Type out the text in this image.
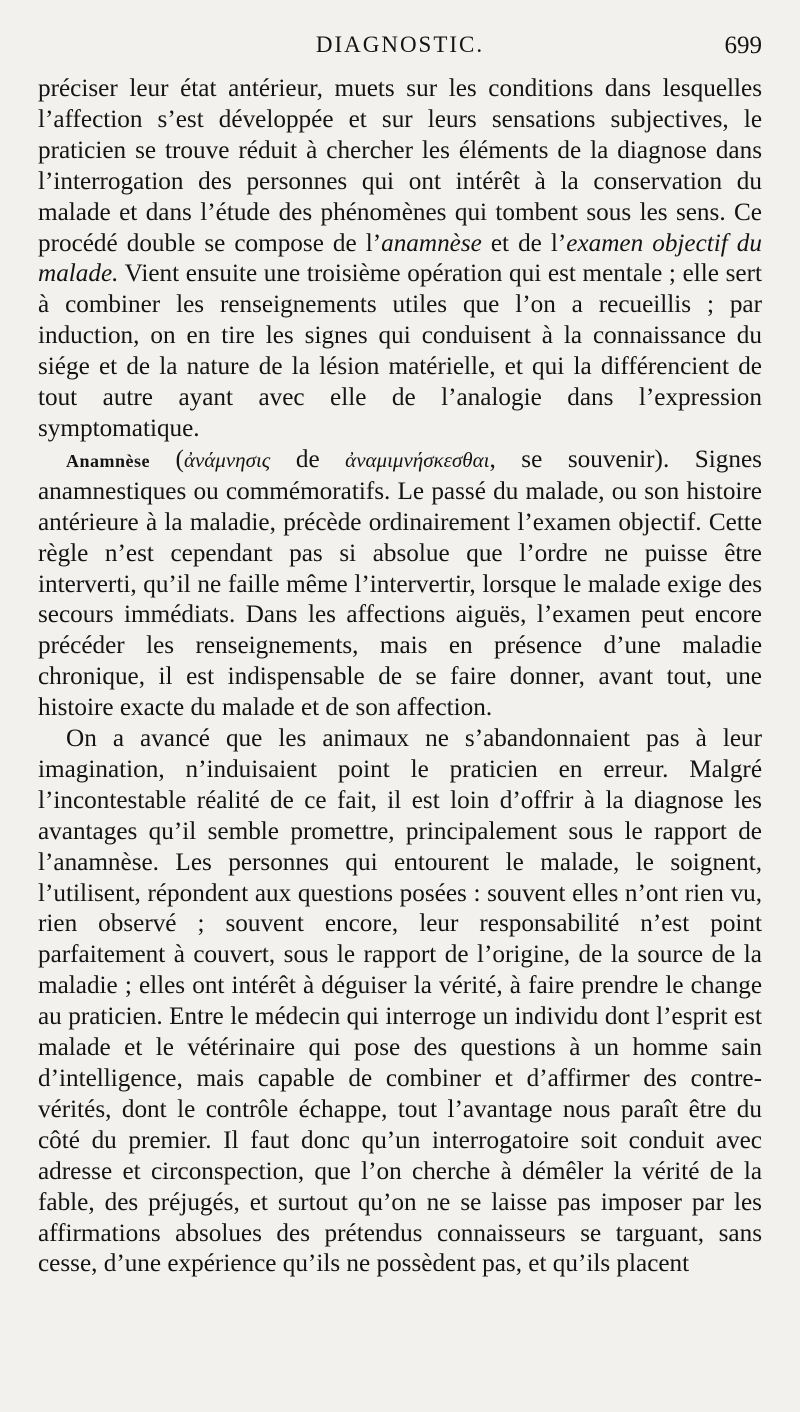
DIAGNOSTIC.	699

préciser leur état antérieur, muets sur les conditions dans lesquelles l’affection s’est développée et sur leurs sensations subjectives, le praticien se trouve réduit à chercher les éléments de la diagnose dans l’interrogation des personnes qui ont intérêt à la conservation du malade et dans l’étude des phénomènes qui tombent sous les sens. Ce procédé double se compose de l’anamnèse et de l’examen objectif du malade. Vient ensuite une troisième opération qui est mentale ; elle sert à combiner les renseignements utiles que l’on a recueillis ; par induction, on en tire les signes qui conduisent à la connaissance du siége et de la nature de la lésion matérielle, et qui la différencient de tout autre ayant avec elle de l’analogie dans l’expression symptomatique.

Anamnèse (ἀνάμνησις de ἀναμιμνήσκεσθαι, se souvenir). Signes anamnestiques ou commémoratifs. Le passé du malade, ou son histoire antérieure à la maladie, précède ordinairement l’examen objectif. Cette règle n’est cependant pas si absolue que l’ordre ne puisse être interverti, qu’il ne faille même l’intervertir, lorsque le malade exige des secours immédiats. Dans les affections aiguës, l’examen peut encore précéder les renseignements, mais en présence d’une maladie chronique, il est indispensable de se faire donner, avant tout, une histoire exacte du malade et de son affection.

On a avancé que les animaux ne s’abandonnaient pas à leur imagination, n’induisaient point le praticien en erreur. Malgré l’incontestable réalité de ce fait, il est loin d’offrir à la diagnose les avantages qu’il semble promettre, principalement sous le rapport de l’anamnèse. Les personnes qui entourent le malade, le soignent, l’utilisent, répondent aux questions posées : souvent elles n’ont rien vu, rien observé ; souvent encore, leur responsabilité n’est point parfaitement à couvert, sous le rapport de l’origine, de la source de la maladie ; elles ont intérêt à déguiser la vérité, à faire prendre le change au praticien. Entre le médecin qui interroge un individu dont l’esprit est malade et le vétérinaire qui pose des questions à un homme sain d’intelligence, mais capable de combiner et d’affirmer des contre-vérités, dont le contrôle échappe, tout l’avantage nous paraît être du côté du premier. Il faut donc qu’un interrogatoire soit conduit avec adresse et circonspection, que l’on cherche à démêler la vérité de la fable, des préjugés, et surtout qu’on ne se laisse pas imposer par les affirmations absolues des prétendus connaisseurs se targuant, sans cesse, d’une expérience qu’ils ne possèdent pas, et qu’ils placent
